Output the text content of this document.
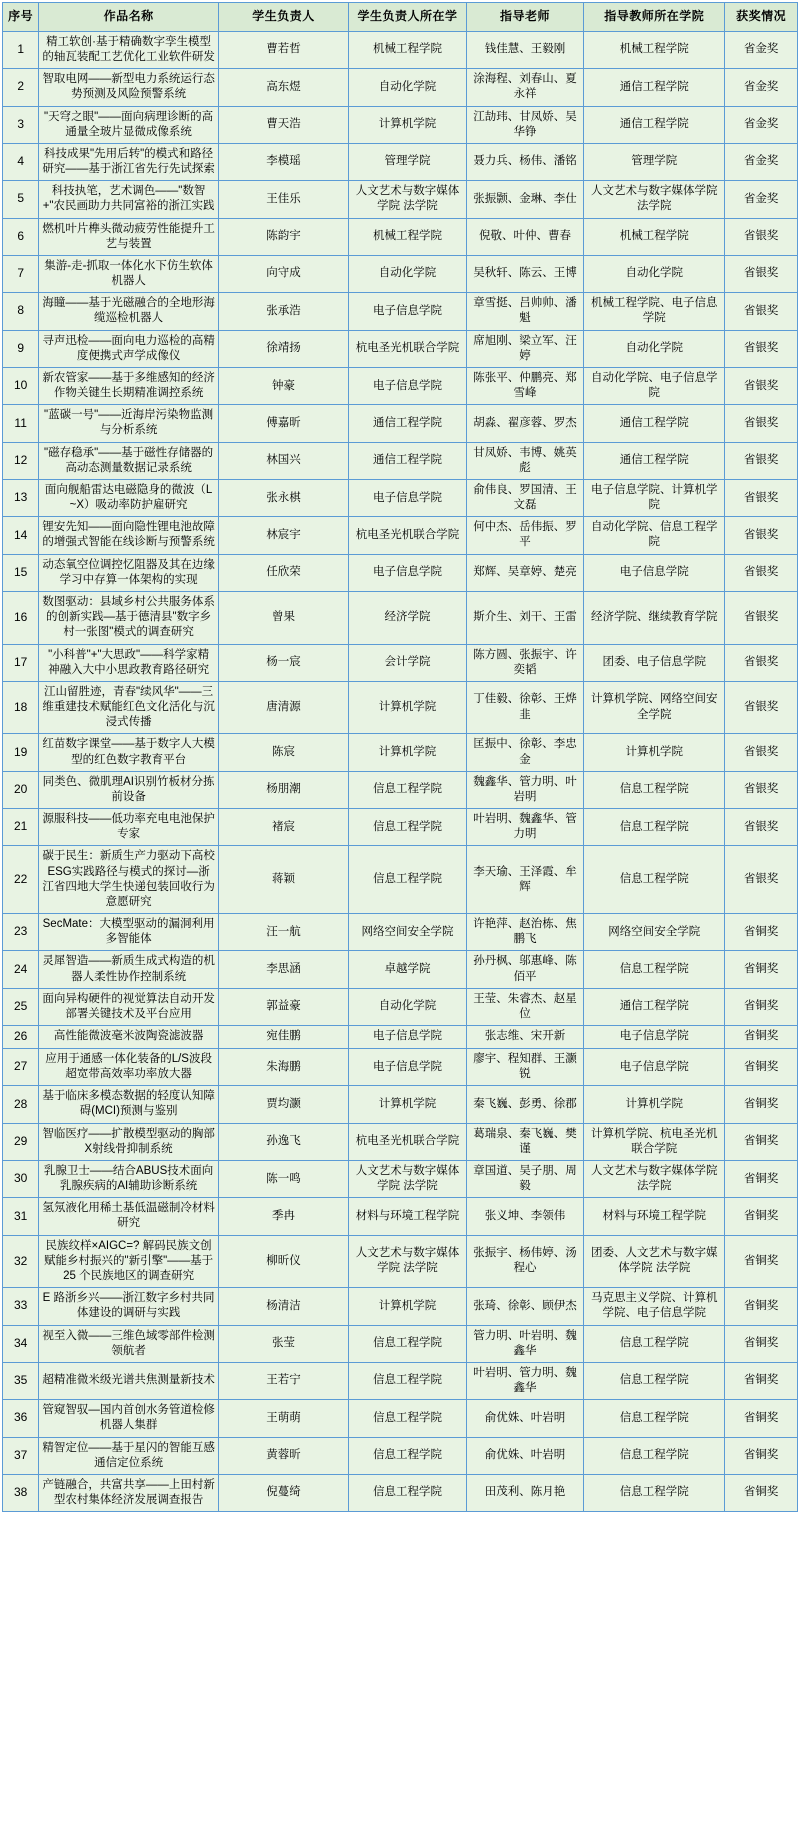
序号	作品名称	学生负责人	学生负责人所在学	指导老师	指导教师所在学院	获奖情况
1	精工软创·基于精确数字孪生模型的轴瓦装配工艺优化工业软件研发	曹若哲	机械工程学院	钱佳慧、王毅刚	机械工程学院	省金奖
2	智取电网——新型电力系统运行态势预测及风险预警系统	高东煜	自动化学院	涂海程、刘春山、夏永祥	通信工程学院	省金奖
3	"天穹之眼"——面向病理诊断的高通量全玻片显微成像系统	曹天浩	计算机学院	江劼玮、甘凤娇、吴华铮	通信工程学院	省金奖
4	科技成果"先用后转"的模式和路径研究——基于浙江省先行先试探索	李模瑶	管理学院	聂力兵、杨伟、潘铭	管理学院	省金奖
5	科技执笔，艺术调色——"数智+"农民画助力共同富裕的浙江实践	王佳乐	人文艺术与数字媒体学院 法学院	张振颢、金琳、李仕	人文艺术与数字媒体学院 法学院	省金奖
6	燃机叶片榫头微动疲劳性能提升工艺与装置	陈韵宇	机械工程学院	倪敬、叶仲、曹春	机械工程学院	省银奖
7	集游-走-抓取一体化水下仿生软体机器人	向守成	自动化学院	吴秋轩、陈云、王博	自动化学院	省银奖
8	海瞳——基于光磁融合的全地形海缆巡检机器人	张承浩	电子信息学院	章雪挺、吕帅帅、潘魁	机械工程学院、电子信息学院	省银奖
9	寻声迅检——面向电力巡检的高精度便携式声学成像仪	徐靖扬	杭电圣光机联合学院	席旭刚、梁立军、汪婷	自动化学院	省银奖
10	新农管家——基于多维感知的经济作物关键生长期精准调控系统	钟豪	电子信息学院	陈张平、仲鹏亮、郑雪峰	自动化学院、电子信息学院	省银奖
11	"蓝碳一号"——近海岸污染物监测与分析系统	傅嘉昕	通信工程学院	胡淼、翟彦蓉、罗杰	通信工程学院	省银奖
12	"磁存稳承"——基于磁性存储器的高动态测量数据记录系统	林国兴	通信工程学院	甘凤娇、韦博、姚英彪	通信工程学院	省银奖
13	面向舰船雷达电磁隐身的微波（L~X）吸动率防护雇研究	张永棋	电子信息学院	俞伟良、罗国清、王文磊	电子信息学院、计算机学院	省银奖
14	锂安先知——面向隐性锂电池故障的增强式智能在线诊断与预警系统	林宸宇	杭电圣光机联合学院	何中杰、岳伟振、罗平	自动化学院、信息工程学院	省银奖
15	动态氧空位调控忆阻器及其在边缘学习中存算一体架构的实现	任欣荣	电子信息学院	郑辉、吴章婷、楚亮	电子信息学院	省银奖
16	数图驱动：县域乡村公共服务体系的创新实践—基于德清县"数字乡村一张图"模式的调查研究	曾果	经济学院	斯介生、刘干、王雷	经济学院、继续教育学院	省银奖
17	"小科普"+"大思政"——科学家精神融入大中小思政教育路径研究	杨一宸	会计学院	陈方圆、张振宇、许奕韬	团委、电子信息学院	省银奖
18	江山留胜迹，青春"续风华"——三维重建技术赋能红色文化活化与沉浸式传播	唐清源	计算机学院	丁佳毅、徐彰、王烨韭	计算机学院、网络空间安全学院	省银奖
19	红苗数字课堂——基于数字人大模型的红色数字教育平台	陈宸	计算机学院	匡振中、徐彰、李忠金	计算机学院	省银奖
20	同类色、微肌理AI识别竹板材分拣前设备	杨朋潮	信息工程学院	魏鑫华、管力明、叶岩明	信息工程学院	省银奖
21	源服科技——低功率充电电池保护专家	褚宸	信息工程学院	叶岩明、魏鑫华、管力明	信息工程学院	省银奖
22	碳于民生：新质生产力驱动下高校ESG实践路径与模式的探讨—浙江省四地大学生快递包装回收行为意愿研究	蒋颖	信息工程学院	李天瑜、王泽霞、牟辉	信息工程学院	省银奖
23	SecMate：大模型驱动的漏洞利用多智能体	汪一航	网络空间安全学院	许艳萍、赵治栋、焦鹏飞	网络空间安全学院	省铜奖
24	灵犀智造——新质生成式构造的机器人柔性协作控制系统	李思涵	卓越学院	孙丹枫、邬惠峰、陈佰平	信息工程学院	省铜奖
25	面向异构硬件的视觉算法自动开发部署关键技术及平台应用	郭益豪	自动化学院	王莹、朱睿杰、赵星位	通信工程学院	省铜奖
26	高性能微波毫米波陶瓷滤波器	宛佳鹏	电子信息学院	张志维、宋开新	电子信息学院	省铜奖
27	应用于通感一体化装备的L/S波段超宽带高效率功率放大器	朱海鹏	电子信息学院	廖宇、程知群、王灏锐	电子信息学院	省铜奖
28	基于临床多模态数据的轻度认知障碍(MCI)预测与鉴别	贾均灏	计算机学院	秦飞巍、彭勇、徐郡	计算机学院	省铜奖
29	智临医疗——扩散模型驱动的胸部X射线骨抑制系统	孙逸飞	杭电圣光机联合学院	葛瑞泉、秦飞巍、樊谨	计算机学院、杭电圣光机联合学院	省铜奖
30	乳腺卫士——结合ABUS技术面向乳腺疾病的AI辅助诊断系统	陈一鸣	人文艺术与数字媒体学院 法学院	章国道、吴子朋、周毅	人文艺术与数字媒体学院 法学院	省铜奖
31	氢氖液化用稀土基低温磁制冷材料研究	季冉	材料与环境工程学院	张义坤、李领伟	材料与环境工程学院	省铜奖
32	民族纹样×AIGC=? 解码民族文创赋能乡村振兴的"新引擎"——基于25 个民族地区的调查研究	柳昕仪	人文艺术与数字媒体学院 法学院	张振宇、杨伟婷、汤程心	团委、人文艺术与数字媒体学院 法学院	省铜奖
33	E 路浙乡兴——浙江数字乡村共同体建设的调研与实践	杨清洁	计算机学院	张琦、徐彰、顾伊杰	马克思主义学院、计算机学院、电子信息学院	省铜奖
34	视至入微——三维色域零部件检测领航者	张莹	信息工程学院	管力明、叶岩明、魏鑫华	信息工程学院	省铜奖
35	超精准微米级光谱共焦测量新技术	王若宁	信息工程学院	叶岩明、管力明、魏鑫华	信息工程学院	省铜奖
36	管窥智驭—国内首创水务管道检修机器人集群	王萌萌	信息工程学院	俞优姝、叶岩明	信息工程学院	省铜奖
37	精智定位——基于星闪的智能互感通信定位系统	黄蓉昕	信息工程学院	俞优姝、叶岩明	信息工程学院	省铜奖
38	产链融合，共富共享——上田村新型农村集体经济发展调查报告	倪蔓绮	信息工程学院	田茂利、陈月艳	信息工程学院	省铜奖
